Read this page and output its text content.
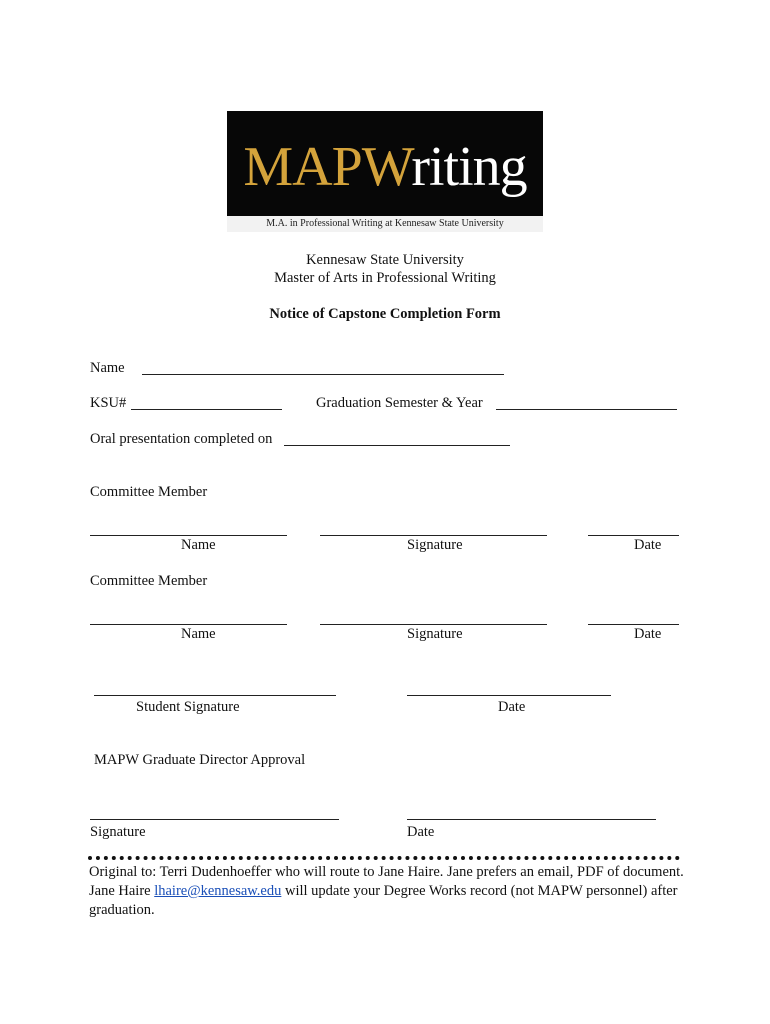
MAPWriting
M.A. in Professional Writing at Kennesaw State University
Kennesaw State University
Master of Arts in Professional Writing
Notice of Capstone Completion Form
Name
KSU#	Graduation Semester & Year
Oral presentation completed on
Committee Member
Name	Signature	Date
Committee Member
Name	Signature	Date
Student Signature	Date
MAPW Graduate Director Approval
Signature	Date
Original to: Terri Dudenhoeffer who will route to Jane Haire. Jane prefers an email, PDF of document. Jane Haire lhaire@kennesaw.edu will update your Degree Works record (not MAPW personnel) after graduation.
